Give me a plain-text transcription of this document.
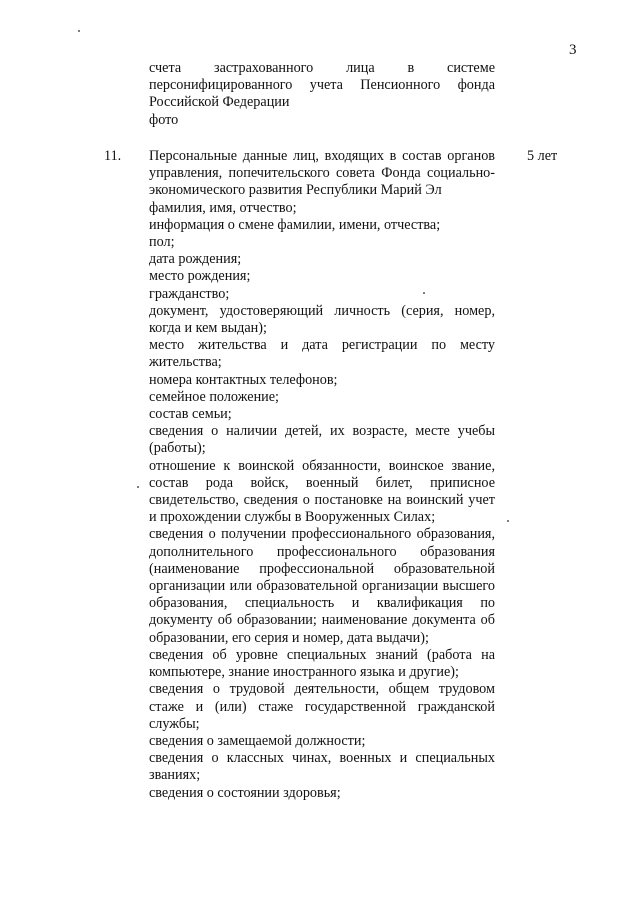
3

счета застрахованного лица в системе персонифицированного учета Пенсионного фонда Российской Федерации

фото

11.	5 лет

Персональные данные лиц, входящих в состав органов управления, попечительского совета Фонда социально-экономического развития Республики Марий Эл

фамилия, имя, отчество;

информация о смене фамилии, имени, отчества;

пол;

дата рождения;

место рождения;

гражданство;

документ, удостоверяющий личность (серия, номер, когда и кем выдан);

место жительства и дата регистрации по месту жительства;

номера контактных телефонов;

семейное положение;

состав семьи;

сведения о наличии детей, их возрасте, месте учебы (работы);

отношение к воинской обязанности, воинское звание, состав рода войск, военный билет, приписное свидетельство, сведения о постановке на воинский учет и прохождении службы в Вооруженных Силах;

сведения о получении профессионального образования, дополнительного профессионального образования (наименование профессиональной образовательной организации или образовательной организации высшего образования, специальность и квалификация по документу об образовании; наименование документа об образовании, его серия и номер, дата выдачи);

сведения об уровне специальных знаний (работа на компьютере, знание иностранного языка и другие);

сведения о трудовой деятельности, общем трудовом стаже и (или) стаже государственной гражданской службы;

сведения о замещаемой должности;

сведения о классных чинах, военных и специальных званиях;

сведения о состоянии здоровья;
